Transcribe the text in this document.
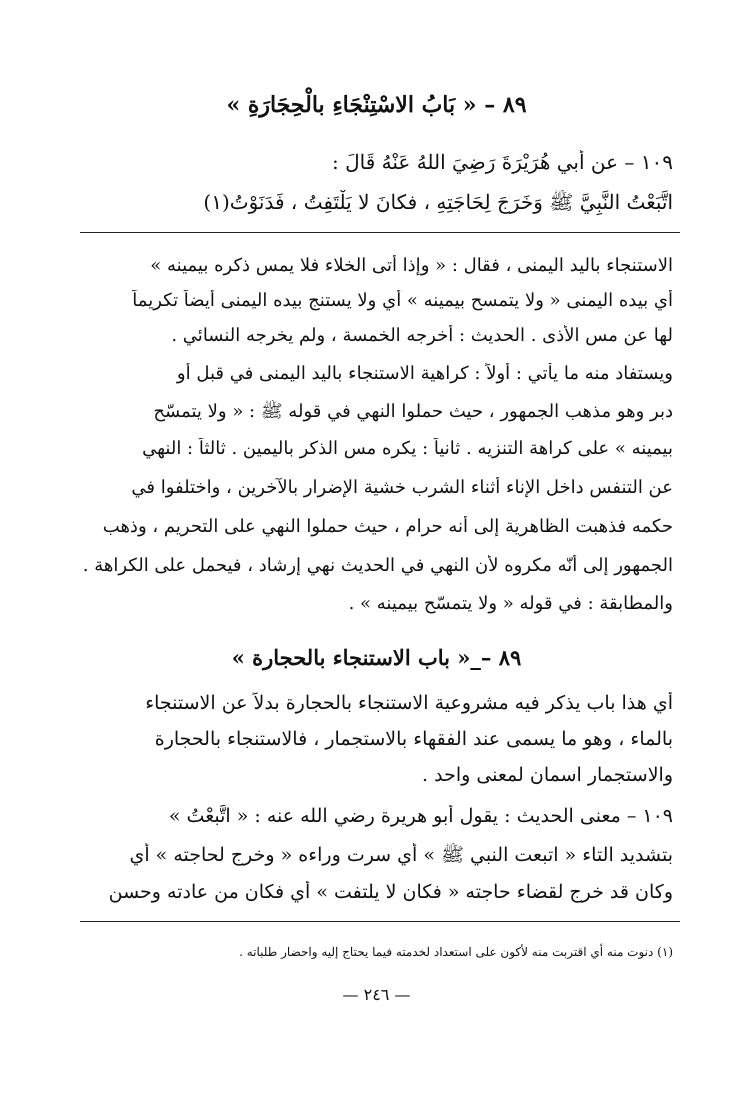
٨٩ – « بَابُ الاسْتِنْجَاءِ بالْحِجَارَةِ »
١٠٩ – عن أبي هُرَيْرَةَ رَضِيَ اللهُ عَنْهُ قَالَ :
اتَّبَعْتُ النَّبِيَّ ﷺ وَخَرَجَ لِحَاجَتِهِ ، فكانَ لا يَلْتَفِتُ ، فَدَنَوْتُ(١)
الاستنجاء باليد اليمنى ، فقال : « وإذا أتى الخلاء فلا يمس ذكره بيمينه »
أي بيده اليمنى « ولا يتمسح بيمينه » أي ولا يستنج بيده اليمنى أيضاً تكريماً
لها عن مس الأذى . الحديث : أخرجه الخمسة ، ولم يخرجه النسائي .
ويستفاد منه ما يأتي : أولاً : كراهية الاستنجاء باليد اليمنى في قبل أو
دبر وهو مذهب الجمهور ، حيث حملوا النهي في قوله ﷺ : « ولا يتمسّح
بيمينه » على كراهة التنزيه . ثانياً : يكره مس الذكر باليمين . ثالثاً : النهي
عن التنفس داخل الإناء أثناء الشرب خشية الإضرار بالآخرين ، واختلفوا في
حكمه فذهبت الظاهرية إلى أنه حرام ، حيث حملوا النهي على التحريم ، وذهب
الجمهور إلى أنّه مكروه لأن النهي في الحديث نهي إرشاد ، فيحمل على الكراهة .
والمطابقة : في قوله « ولا يتمسّح بيمينه » .
٨٩ –_« باب الاستنجاء بالحجارة »
أي هذا باب يذكر فيه مشروعية الاستنجاء بالحجارة بدلاً عن الاستنجاء
بالماء ، وهو ما يسمى عند الفقهاء بالاستجمار ، فالاستنجاء بالحجارة
والاستجمار اسمان لمعنى واحد .
١٠٩ – معنى الحديث : يقول أبو هريرة رضي الله عنه : « اتَّبعْتُ »
بتشديد التاء « اتبعت النبي ﷺ » أي سرت وراءه « وخرج لحاجته » أي
وكان قد خرج لقضاء حاجته « فكان لا يلتفت » أي فكان من عادته وحسن
(١) دنوت منه أي اقتربت منه لأكون على استعداد لخدمته فيما يحتاج إليه واحضار طلباته .
— ٢٤٦ —
